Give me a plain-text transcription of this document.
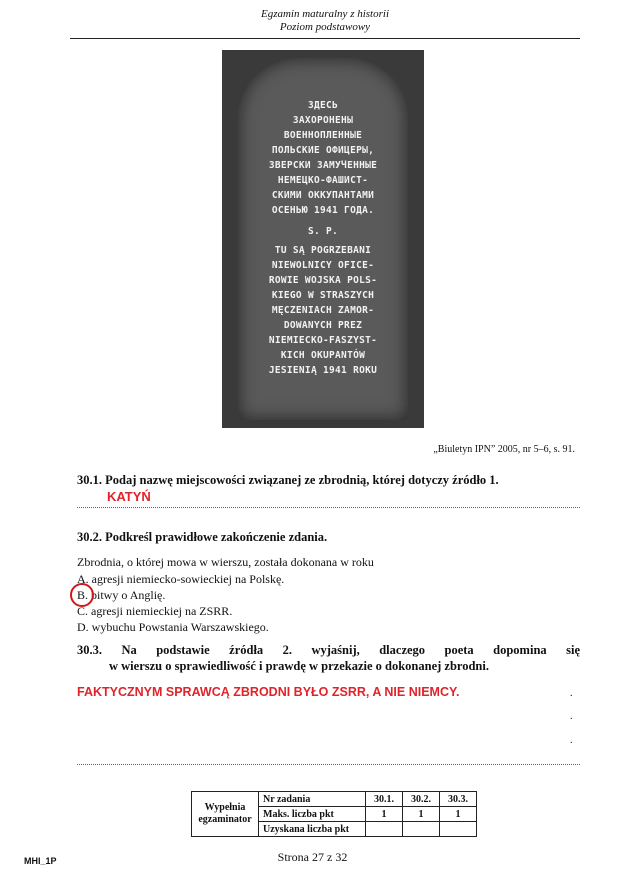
Egzamin maturalny z historii
Poziom podstawowy
ЗДЕСЬ
ЗАХОРОНЕНЫ
ВОЕННОПЛЕННЫЕ
ПОЛЬСКИЕ ОФИЦЕРЫ,
ЗВЕРСКИ ЗАМУЧЕННЫЕ
НЕМЕЦКО-ФАШИСТ-
СКИМИ ОККУПАНТАМИ
ОСЕНЬЮ 1941 ГОДА.
S. P.
TU SĄ POGRZEBANI
NIEWOLNICY OFICE-
ROWIE WOJSKA POLS-
KIEGO W STRASZYCH
MĘCZENIACH ZAMOR-
DOWANYCH PREZ
NIEMIECKO-FASZYST-
KICH OKUPANTÓW
JESIENIĄ 1941 ROKU
„Biuletyn IPN” 2005, nr 5–6, s. 91.
30.1. Podaj nazwę miejscowości związanej ze zbrodnią, której dotyczy źródło 1.
KATYŃ
30.2. Podkreśl prawidłowe zakończenie zdania.
Zbrodnia, o której mowa w wierszu, została dokonana w roku
A. agresji niemiecko-sowieckiej na Polskę.
B. bitwy o Anglię.
C. agresji niemieckiej na ZSRR.
D. wybuchu Powstania Warszawskiego.
30.3. Na podstawie źródła 2. wyjaśnij, dlaczego poeta dopomina się
w wierszu o sprawiedliwość i prawdę w przekazie o dokonanej zbrodni.
FAKTYCZNYM SPRAWCĄ ZBRODNI BYŁO ZSRR, A NIE NIEMCY.	.
.
.
Wypełnia egzaminator	Nr zadania	30.1.	30.2.	30.3.
	Maks. liczba pkt	1	1	1
	Uzyskana liczba pkt			
Strona 27 z 32
MHI_1P
